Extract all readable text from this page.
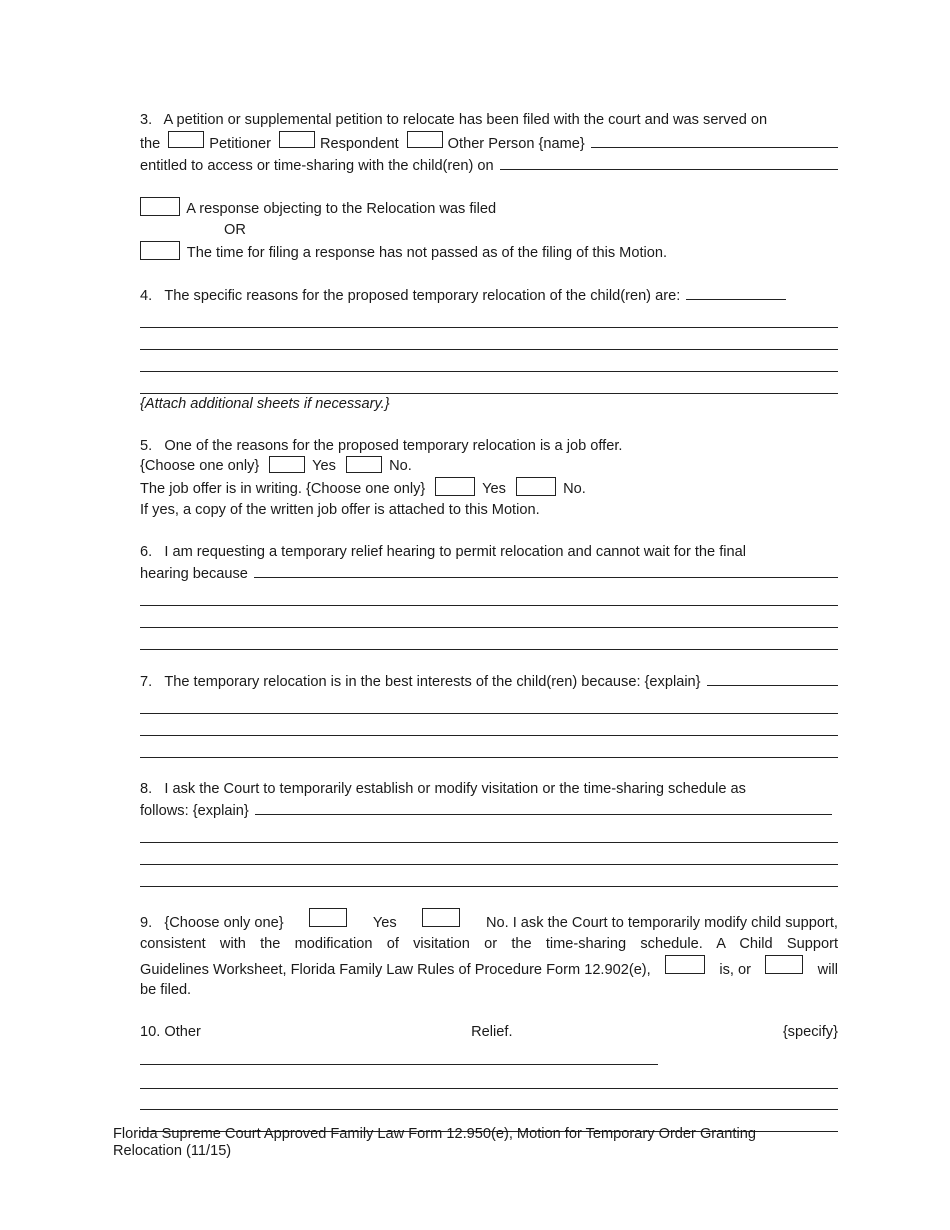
3. A petition or supplemental petition to relocate has been filed with the court and was served on

the	Petitioner	Respondent	Other Person {name}

entitled to access or time-sharing with the child(ren) on

A response objecting to the Relocation was filed

OR

The time for filing a response has not passed as of the filing of this Motion.

4.
The specific reasons for the proposed temporary relocation of the child(ren) are:

{Attach additional sheets if necessary.}

5. One of the reasons for the proposed temporary relocation is a job offer.

{Choose one only}	Yes	No.

The job offer is in writing. {Choose one only}	Yes	No.

If yes, a copy of the written job offer is attached to this Motion.

6. I am requesting a temporary relief hearing to permit relocation and cannot wait for the final

hearing because

7.
The temporary relocation is in the best interests of the child(ren) because: {explain}

8. I ask the Court to temporarily establish or modify visitation or the time-sharing schedule as

follows: {explain}

9. {Choose only one}	Yes	No. I ask the Court to temporarily modify child support,

consistent with the modification of visitation or the time-sharing schedule. A Child Support

Guidelines Worksheet, Florida Family Law Rules of Procedure Form 12.902(e),	is, or	will

be filed.

10. Other	Relief.	{specify}

Florida Supreme Court Approved Family Law Form 12.950(e), Motion for Temporary Order Granting
Relocation (11/15)
